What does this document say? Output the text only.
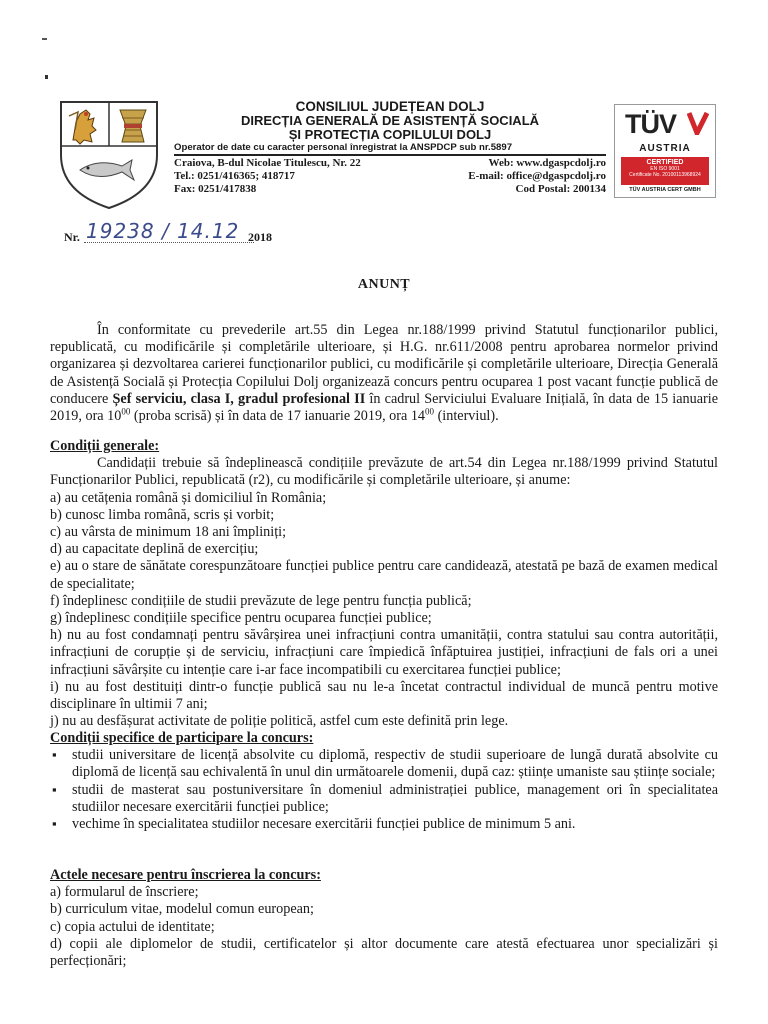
CONSILIUL JUDEȚEAN DOLJ
DIRECȚIA GENERALĂ DE ASISTENȚĂ SOCIALĂ
ȘI PROTECȚIA COPILULUI DOLJ
Operator de date cu caracter personal înregistrat la ANSPDCP sub nr.5897
Craiova, B-dul Nicolae Titulescu, Nr. 22
Tel.: 0251/416365; 418717
Fax: 0251/417838
Web: www.dgaspcdolj.ro
E-mail: office@dgaspcdolj.ro
Cod Postal: 200134
TÜV
AUSTRIA
CERTIFIED
EN ISO 9001
Certificate No. 20100113968924
TÜV AUSTRIA CERT GMBH
Nr. 19238 / 14.12 2018
ANUNȚ

În conformitate cu prevederile art.55 din Legea nr.188/1999 privind Statutul funcționarilor publici, republicată, cu modificările și completările ulterioare, și H.G. nr.611/2008 pentru aprobarea normelor privind organizarea și dezvoltarea carierei funcționarilor publici, cu modificările și completările ulterioare, Direcția Generală de Asistență Socială și Protecția Copilului Dolj organizează concurs pentru ocuparea 1 post vacant funcție publică de conducere Șef serviciu, clasa I, gradul profesional II în cadrul Serviciului Evaluare Inițială, în data de 15 ianuarie 2019, ora $10^{00}$ (proba scrisă) și în data de 17 ianuarie 2019, ora $14^{00}$ (interviul).

Condiții generale:

Candidații trebuie să îndeplinească condițiile prevăzute de art.54 din Legea nr.188/1999 privind Statutul Funcționarilor Publici, republicată (r2), cu modificările și completările ulterioare, și anume:

a) au cetățenia română și domiciliul în România;

b) cunosc limba română, scris și vorbit;

c) au vârsta de minimum 18 ani împliniți;

d) au capacitate deplină de exercițiu;

e) au o stare de sănătate corespunzătoare funcției publice pentru care candidează, atestată pe bază de examen medical de specialitate;

f) îndeplinesc condițiile de studii prevăzute de lege pentru funcția publică;

g) îndeplinesc condițiile specifice pentru ocuparea funcției publice;

h) nu au fost condamnați pentru săvârșirea unei infracțiuni contra umanității, contra statului sau contra autorității, infracțiuni de corupție și de serviciu, infracțiuni care împiedică înfăptuirea justiției, infracțiuni de fals ori a unei infracțiuni săvârșite cu intenție care i-ar face incompatibili cu exercitarea funcției publice;

i) nu au fost destituiți dintr-o funcție publică sau nu le-a încetat contractul individual de muncă pentru motive disciplinare în ultimii 7 ani;

j) nu au desfășurat activitate de poliție politică, astfel cum este definită prin lege.

Condiții specifice de participare la concurs:

▪ studii universitare de licență absolvite cu diplomă, respectiv de studii superioare de lungă durată absolvite cu diplomă de licență sau echivalentă în unul din următoarele domenii, după caz: științe umaniste sau științe sociale;

▪ studii de masterat sau postuniversitare în domeniul administrației publice, management ori în specialitatea studiilor necesare exercitării funcției publice;

▪ vechime în specialitatea studiilor necesare exercitării funcției publice de minimum 5 ani.

Actele necesare pentru înscrierea la concurs:

a) formularul de înscriere;

b) curriculum vitae, modelul comun european;

c) copia actului de identitate;

d) copii ale diplomelor de studii, certificatelor și altor documente care atestă efectuarea unor specializări și perfecționări;
